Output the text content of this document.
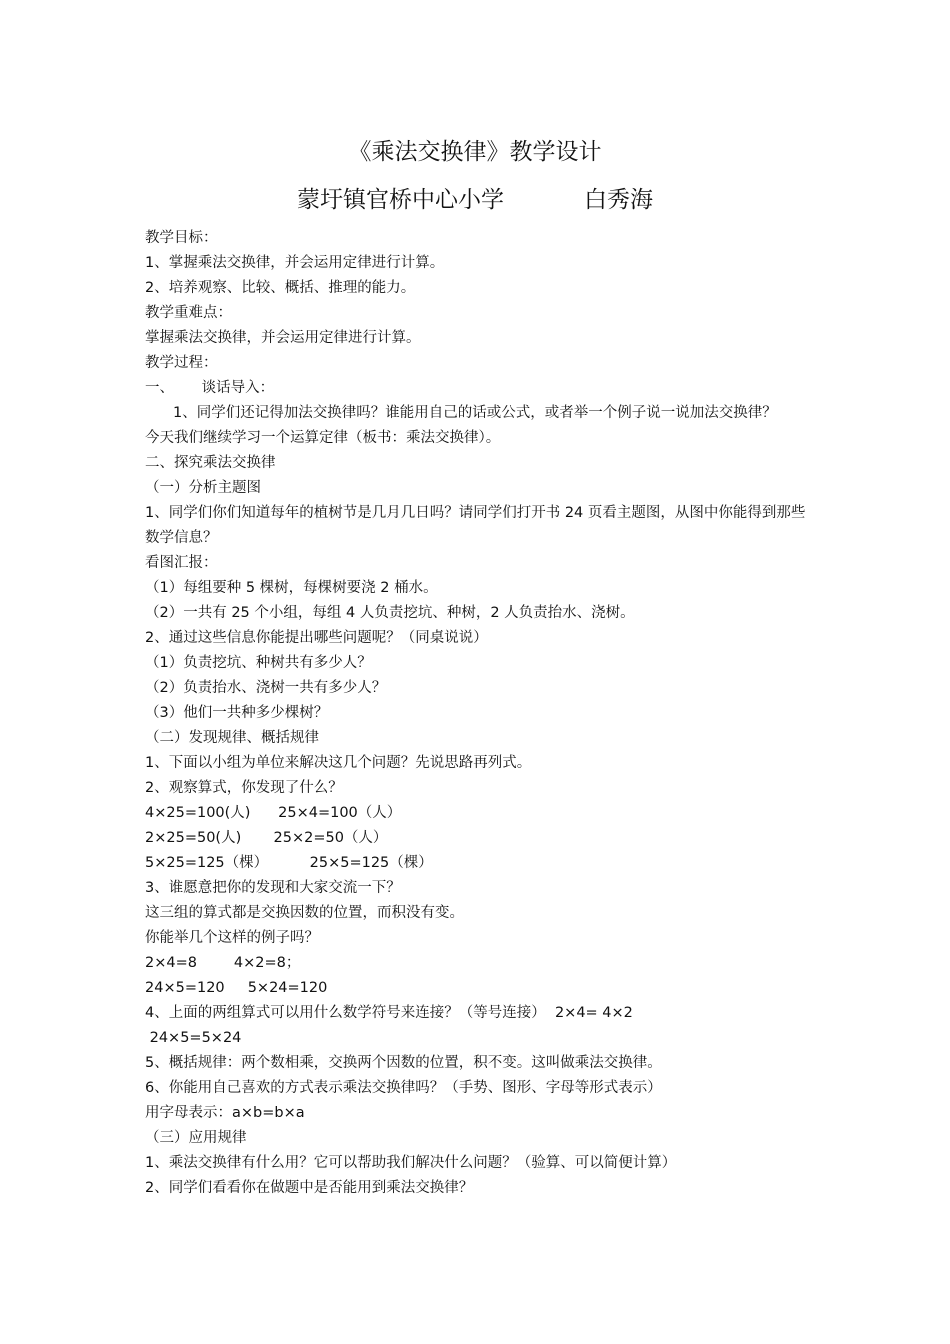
《乘法交换律》教学设计
蒙圩镇官桥中心小学	白秀海

教学目标：

1、掌握乘法交换律，并会运用定律进行计算。

2、培养观察、比较、概括、推理的能力。

教学重难点：

掌握乘法交换律，并会运用定律进行计算。

教学过程：

一、      谈话导入：

1、同学们还记得加法交换律吗？谁能用自己的话或公式，或者举一个例子说一说加法交换律？

今天我们继续学习一个运算定律（板书：乘法交换律）。

二、探究乘法交换律

（一）分析主题图

1、同学们你们知道每年的植树节是几月几日吗？请同学们打开书 24 页看主题图，从图中你能得到那些数学信息？

看图汇报：

（1）每组要种 5 棵树，每棵树要浇 2 桶水。

（2）一共有 25 个小组，每组 4 人负责挖坑、种树，2 人负责抬水、浇树。

2、通过这些信息你能提出哪些问题呢？（同桌说说）

（1）负责挖坑、种树共有多少人？

（2）负责抬水、浇树一共有多少人？

（3）他们一共种多少棵树？

（二）发现规律、概括规律

1、下面以小组为单位来解决这几个问题？先说思路再列式。

2、观察算式，你发现了什么？

4×25=100(人)      25×4=100（人）

2×25=50(人)       25×2=50（人）

5×25=125（棵）         25×5=125（棵）

3、谁愿意把你的发现和大家交流一下？

这三组的算式都是交换因数的位置，而积没有变。

你能举几个这样的例子吗？

2×4=8        4×2=8；

24×5=120     5×24=120

4、上面的两组算式可以用什么数学符号来连接？（等号连接）  2×4= 4×2

24×5=5×24

5、概括规律：两个数相乘，交换两个因数的位置，积不变。这叫做乘法交换律。

6、你能用自己喜欢的方式表示乘法交换律吗？（手势、图形、字母等形式表示）

用字母表示：a×b=b×a

（三）应用规律

1、乘法交换律有什么用？它可以帮助我们解决什么问题？（验算、可以简便计算）

2、同学们看看你在做题中是否能用到乘法交换律？
